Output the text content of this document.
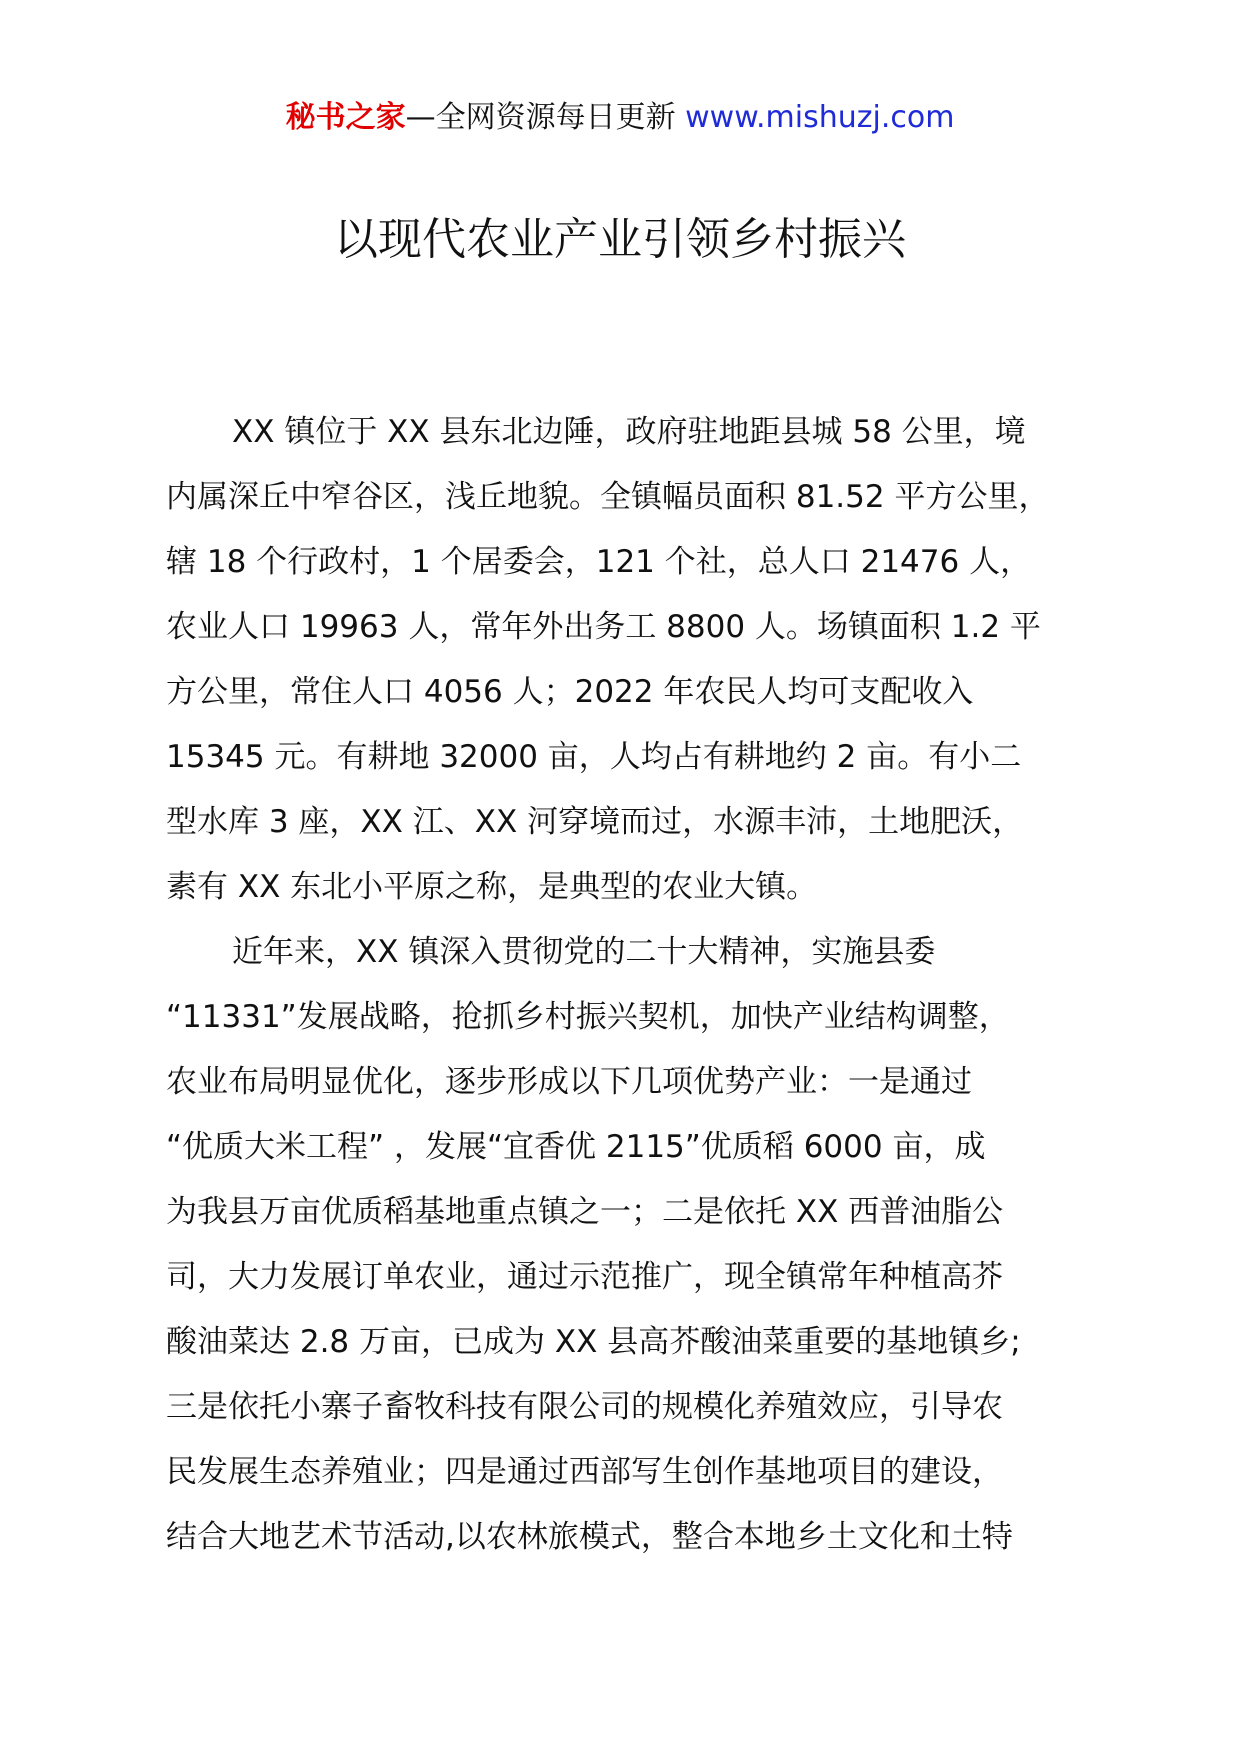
秘书之家—全网资源每日更新 www.mishuzj.com
以现代农业产业引领乡村振兴
XX 镇位于 XX 县东北边陲，政府驻地距县城 58 公里，境
内属深丘中窄谷区，浅丘地貌。全镇幅员面积 81.52 平方公里，
辖 18 个行政村，1 个居委会，121 个社，总人口 21476 人，
农业人口 19963 人，常年外出务工 8800 人。场镇面积 1.2 平
方公里，常住人口 4056 人；2022 年农民人均可支配收入
15345 元。有耕地 32000 亩，人均占有耕地约 2 亩。有小二
型水库 3 座，XX 江、XX 河穿境而过，水源丰沛，土地肥沃，
素有 XX 东北小平原之称，是典型的农业大镇。
近年来，XX 镇深入贯彻党的二十大精神，实施县委
“11331”发展战略，抢抓乡村振兴契机，加快产业结构调整，
农业布局明显优化，逐步形成以下几项优势产业：一是通过
“优质大米工程” ，发展“宜香优 2115”优质稻 6000 亩，成
为我县万亩优质稻基地重点镇之一；二是依托 XX 西普油脂公
司，大力发展订单农业，通过示范推广，现全镇常年种植高芥
酸油菜达 2.8 万亩，已成为 XX 县高芥酸油菜重要的基地镇乡;
三是依托小寨子畜牧科技有限公司的规模化养殖效应，引导农
民发展生态养殖业；四是通过西部写生创作基地项目的建设，
结合大地艺术节活动,以农林旅模式，整合本地乡土文化和土特
